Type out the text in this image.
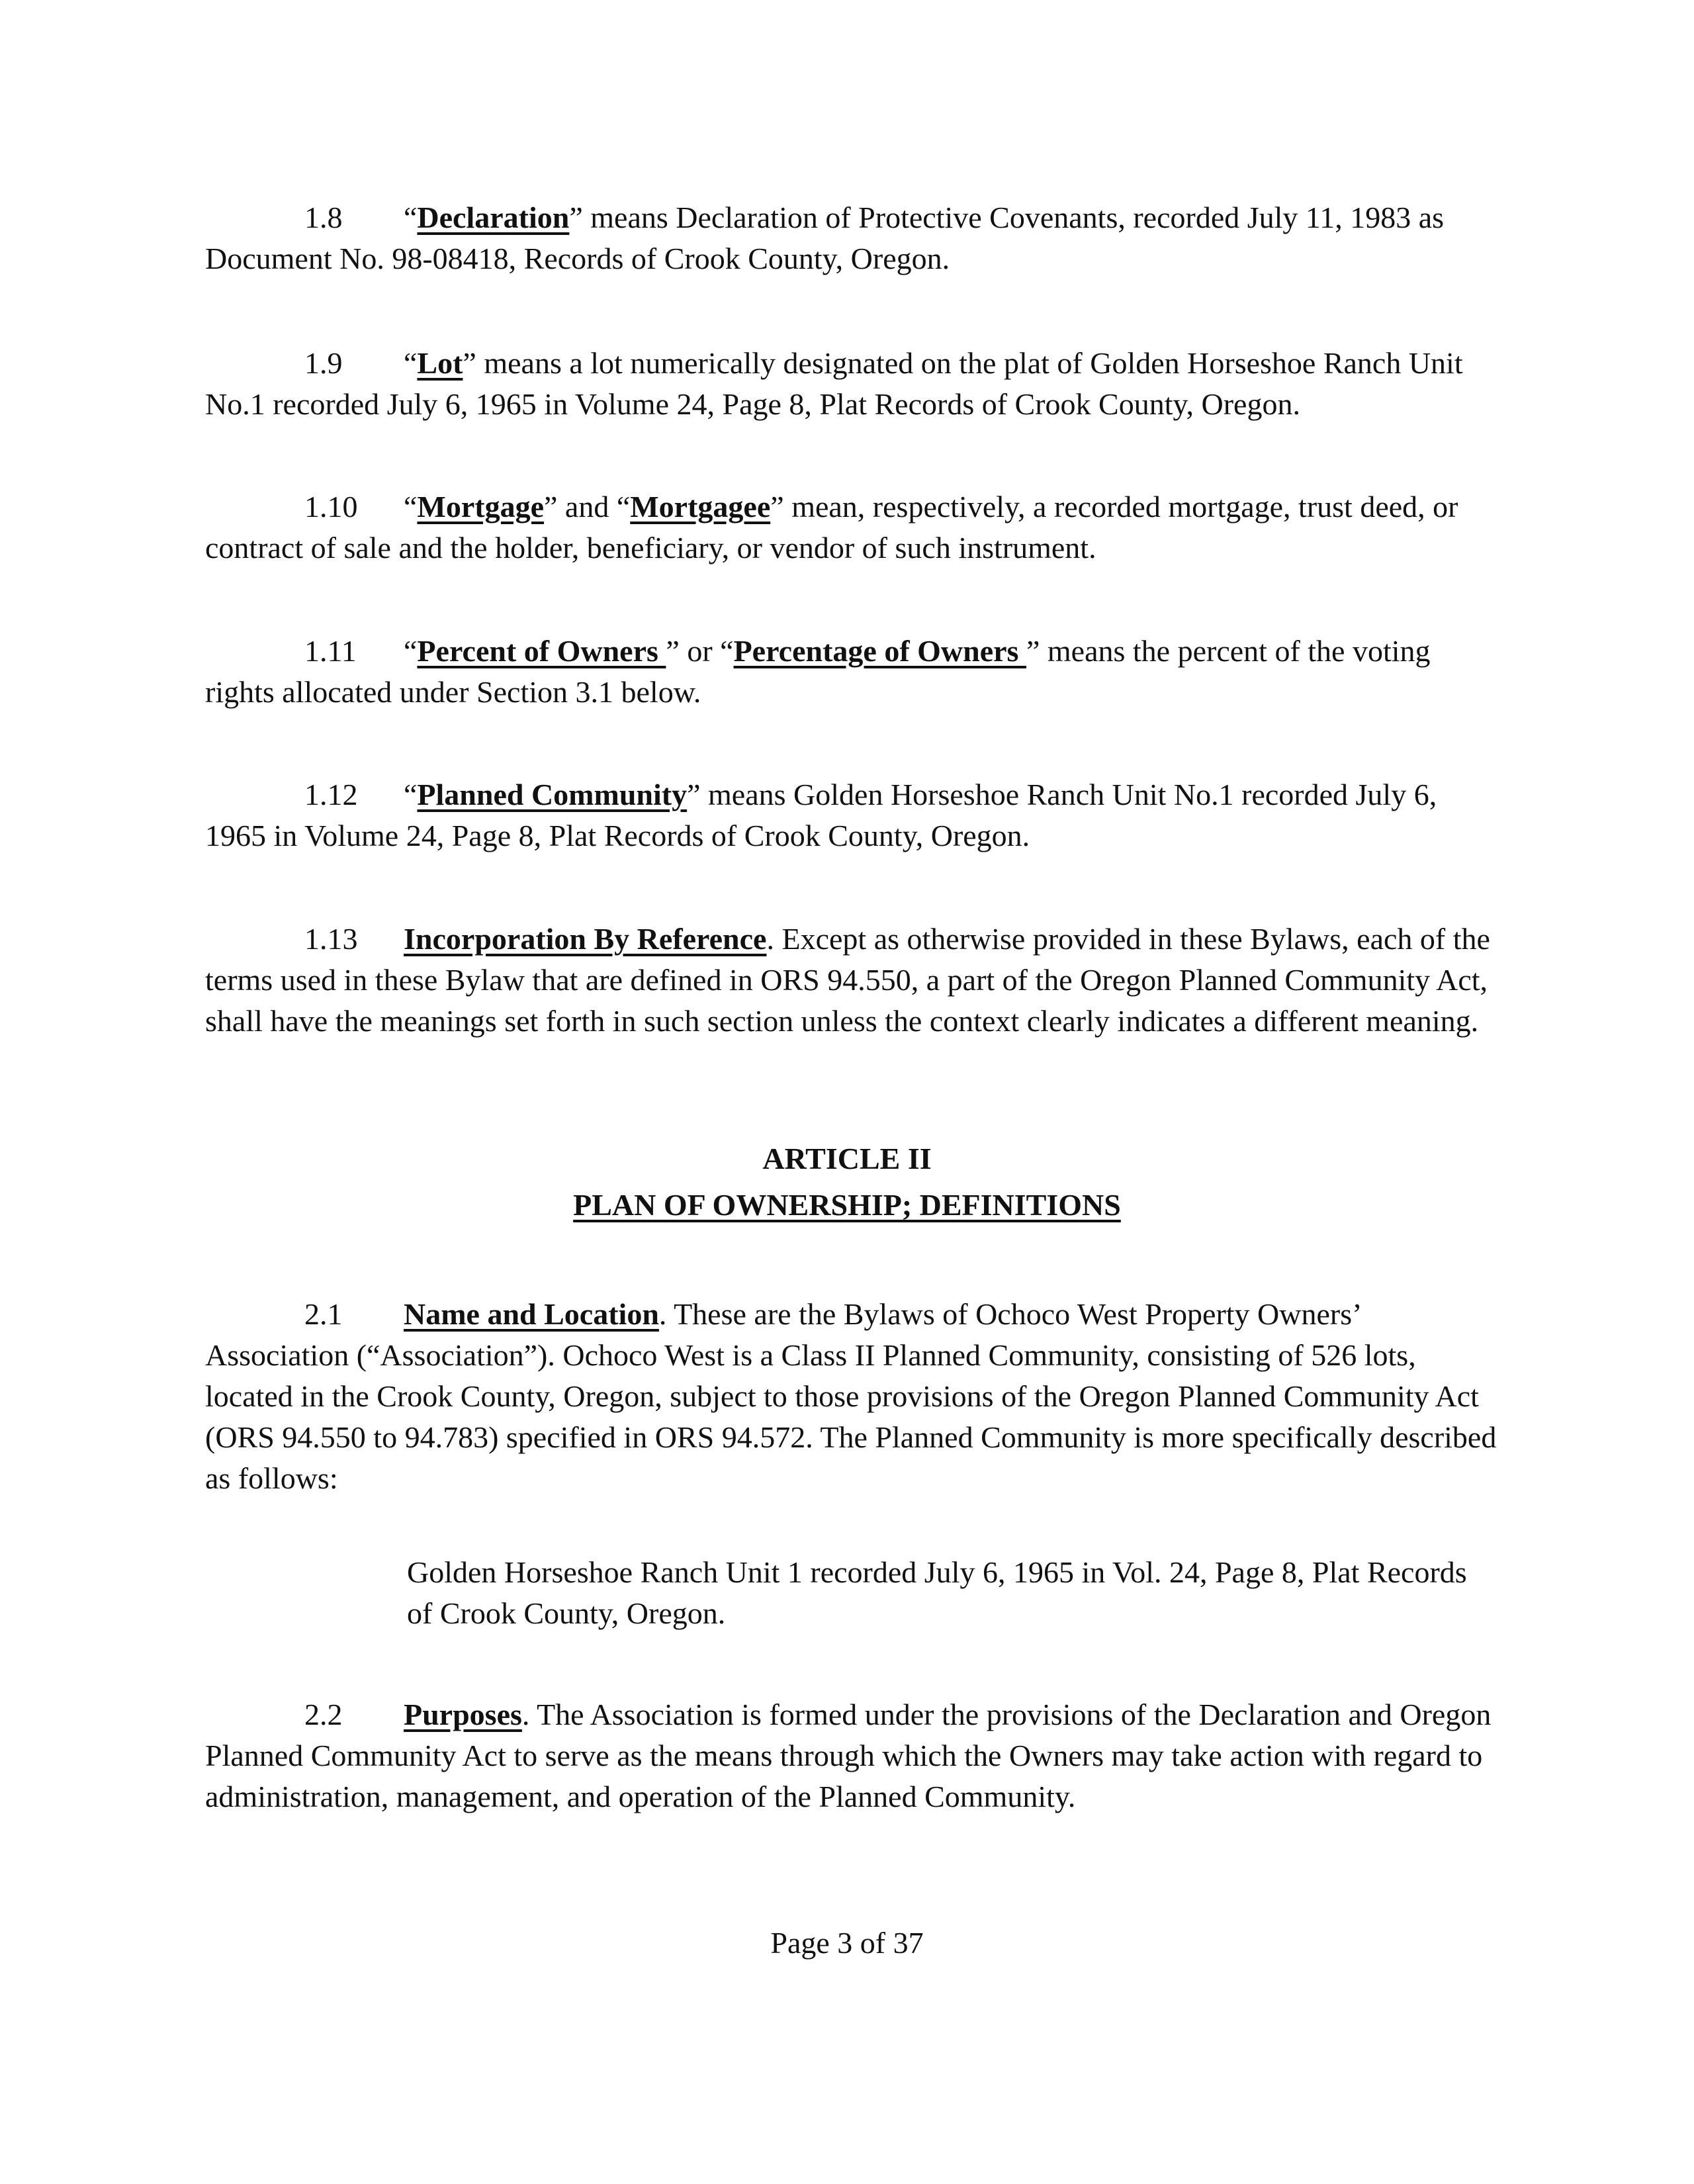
1.8 “Declaration” means Declaration of Protective Covenants, recorded July 11, 1983 as Document No. 98-08418, Records of Crook County, Oregon.

1.9 “Lot” means a lot numerically designated on the plat of Golden Horseshoe Ranch Unit No.1 recorded July 6, 1965 in Volume 24, Page 8, Plat Records of Crook County, Oregon.

1.10 “Mortgage” and “Mortgagee” mean, respectively, a recorded mortgage, trust deed, or contract of sale and the holder, beneficiary, or vendor of such instrument.

1.11 “Percent of Owners ” or “Percentage of Owners ” means the percent of the voting rights allocated under Section 3.1 below.

1.12 “Planned Community” means Golden Horseshoe Ranch Unit No.1 recorded July 6, 1965 in Volume 24, Page 8, Plat Records of Crook County, Oregon.

1.13 Incorporation By Reference. Except as otherwise provided in these Bylaws, each of the terms used in these Bylaw that are defined in ORS 94.550, a part of the Oregon Planned Community Act, shall have the meanings set forth in such section unless the context clearly indicates a different meaning.

ARTICLE II

PLAN OF OWNERSHIP; DEFINITIONS

2.1 Name and Location. These are the Bylaws of Ochoco West Property Owners’ Association (“Association”). Ochoco West is a Class II Planned Community, consisting of 526 lots, located in the Crook County, Oregon, subject to those provisions of the Oregon Planned Community Act (ORS 94.550 to 94.783) specified in ORS 94.572. The Planned Community is more specifically described as follows:

Golden Horseshoe Ranch Unit 1 recorded July 6, 1965 in Vol. 24, Page 8, Plat Records of Crook County, Oregon.

2.2 Purposes. The Association is formed under the provisions of the Declaration and Oregon Planned Community Act to serve as the means through which the Owners may take action with regard to administration, management, and operation of the Planned Community.

Page 3 of 37
